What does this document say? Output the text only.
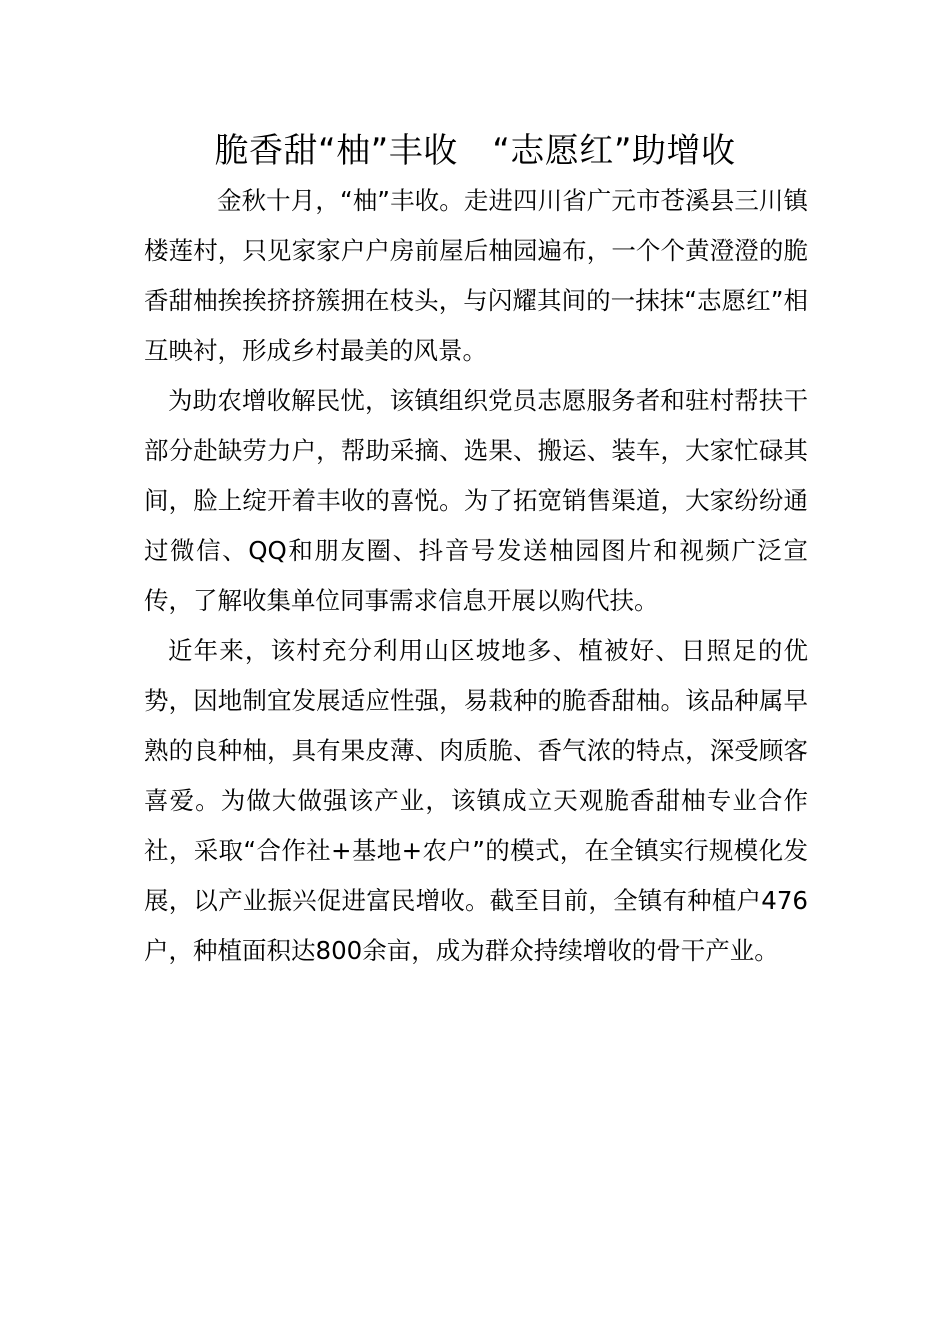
脆香甜“柚”丰收　“志愿红”助增收

金秋十月，“柚”丰收。走进四川省广元市苍溪县三川镇楼莲村，只见家家户户房前屋后柚园遍布，一个个黄澄澄的脆香甜柚挨挨挤挤簇拥在枝头，与闪耀其间的一抹抹“志愿红”相互映衬，形成乡村最美的风景。

为助农增收解民忧，该镇组织党员志愿服务者和驻村帮扶干部分赴缺劳力户，帮助采摘、选果、搬运、装车，大家忙碌其间，脸上绽开着丰收的喜悦。为了拓宽销售渠道，大家纷纷通过微信、QQ和朋友圈、抖音号发送柚园图片和视频广泛宣传，了解收集单位同事需求信息开展以购代扶。

近年来，该村充分利用山区坡地多、植被好、日照足的优势，因地制宜发展适应性强，易栽种的脆香甜柚。该品种属早熟的良种柚，具有果皮薄、肉质脆、香气浓的特点，深受顾客喜爱。为做大做强该产业，该镇成立天观脆香甜柚专业合作社，采取“合作社+基地+农户”的模式，在全镇实行规模化发展，以产业振兴促进富民增收。截至目前，全镇有种植户476户，种植面积达800余亩，成为群众持续增收的骨干产业。
